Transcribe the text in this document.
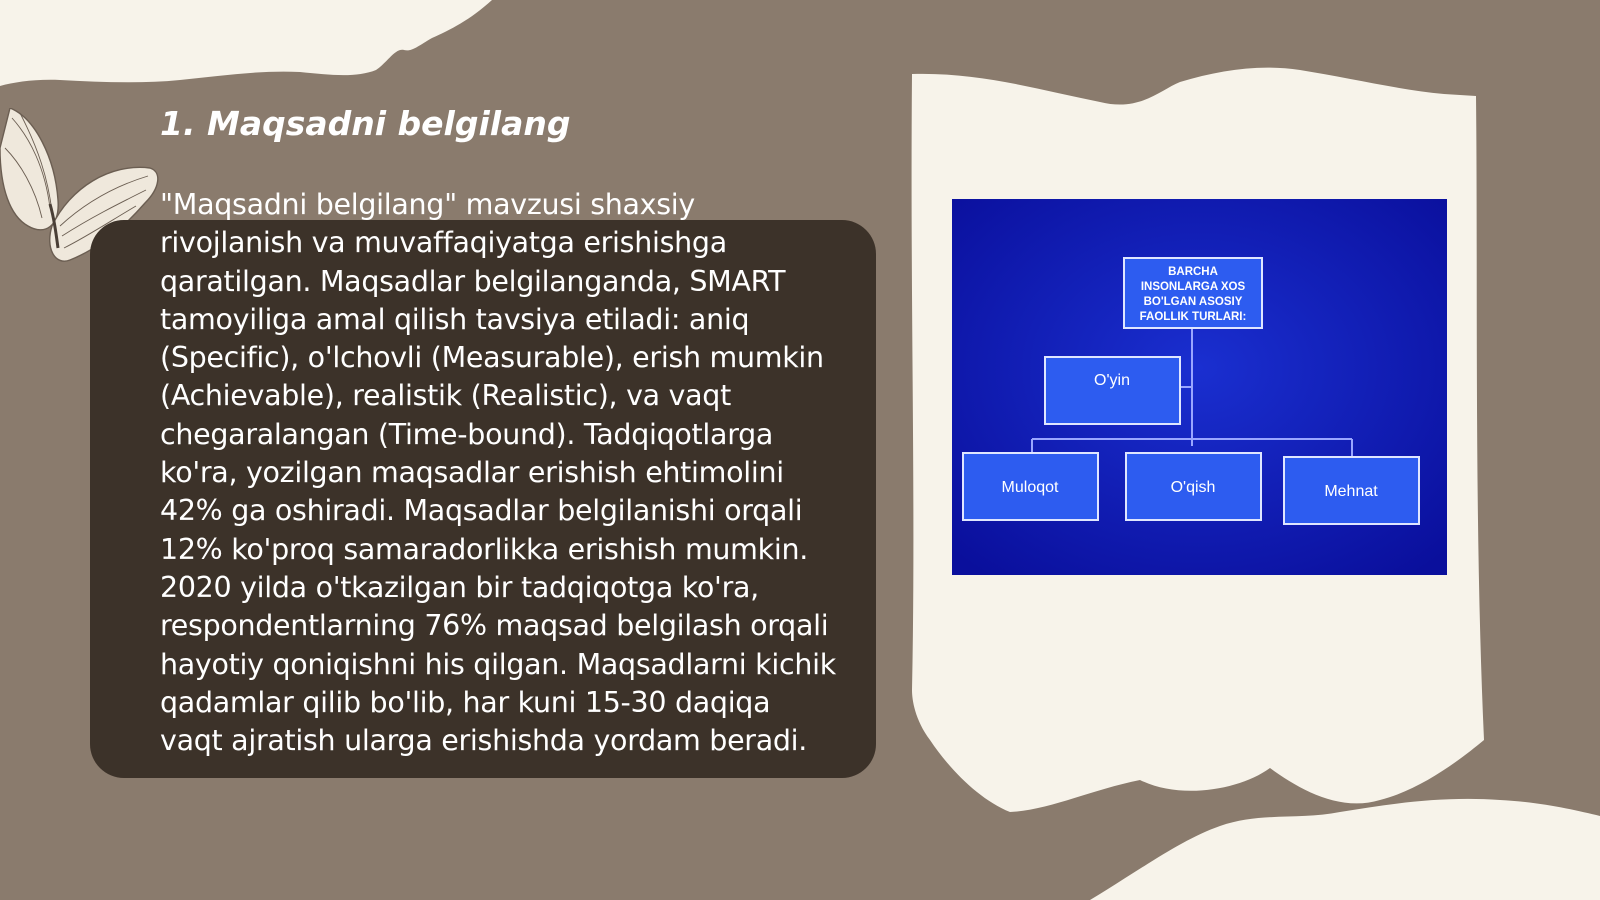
1. Maqsadni belgilang

"Maqsadni belgilang" mavzusi shaxsiy rivojlanish va muvaffaqiyatga erishishga qaratilgan. Maqsadlar belgilanganda, SMART tamoyiliga amal qilish tavsiya etiladi: aniq (Specific), o'lchovli (Measurable), erish mumkin (Achievable), realistik (Realistic), va vaqt chegaralangan (Time-bound). Tadqiqotlarga ko'ra, yozilgan maqsadlar erishish ehtimolini 42% ga oshiradi. Maqsadlar belgilanishi orqali 12% ko'proq samaradorlikka erishish mumkin. 2020 yilda o'tkazilgan bir tadqiqotga ko'ra, respondentlarning 76% maqsad belgilash orqali hayotiy qoniqishni his qilgan. Maqsadlarni kichik qadamlar qilib bo'lib, har kuni 15-30 daqiqa vaqt ajratish ularga erishishda yordam beradi.

BARCHA
INSONLARGA XOS
BO'LGAN ASOSIY
FAOLLIK TURLARI:
O'yin
Muloqot	O'qish	Mehnat
